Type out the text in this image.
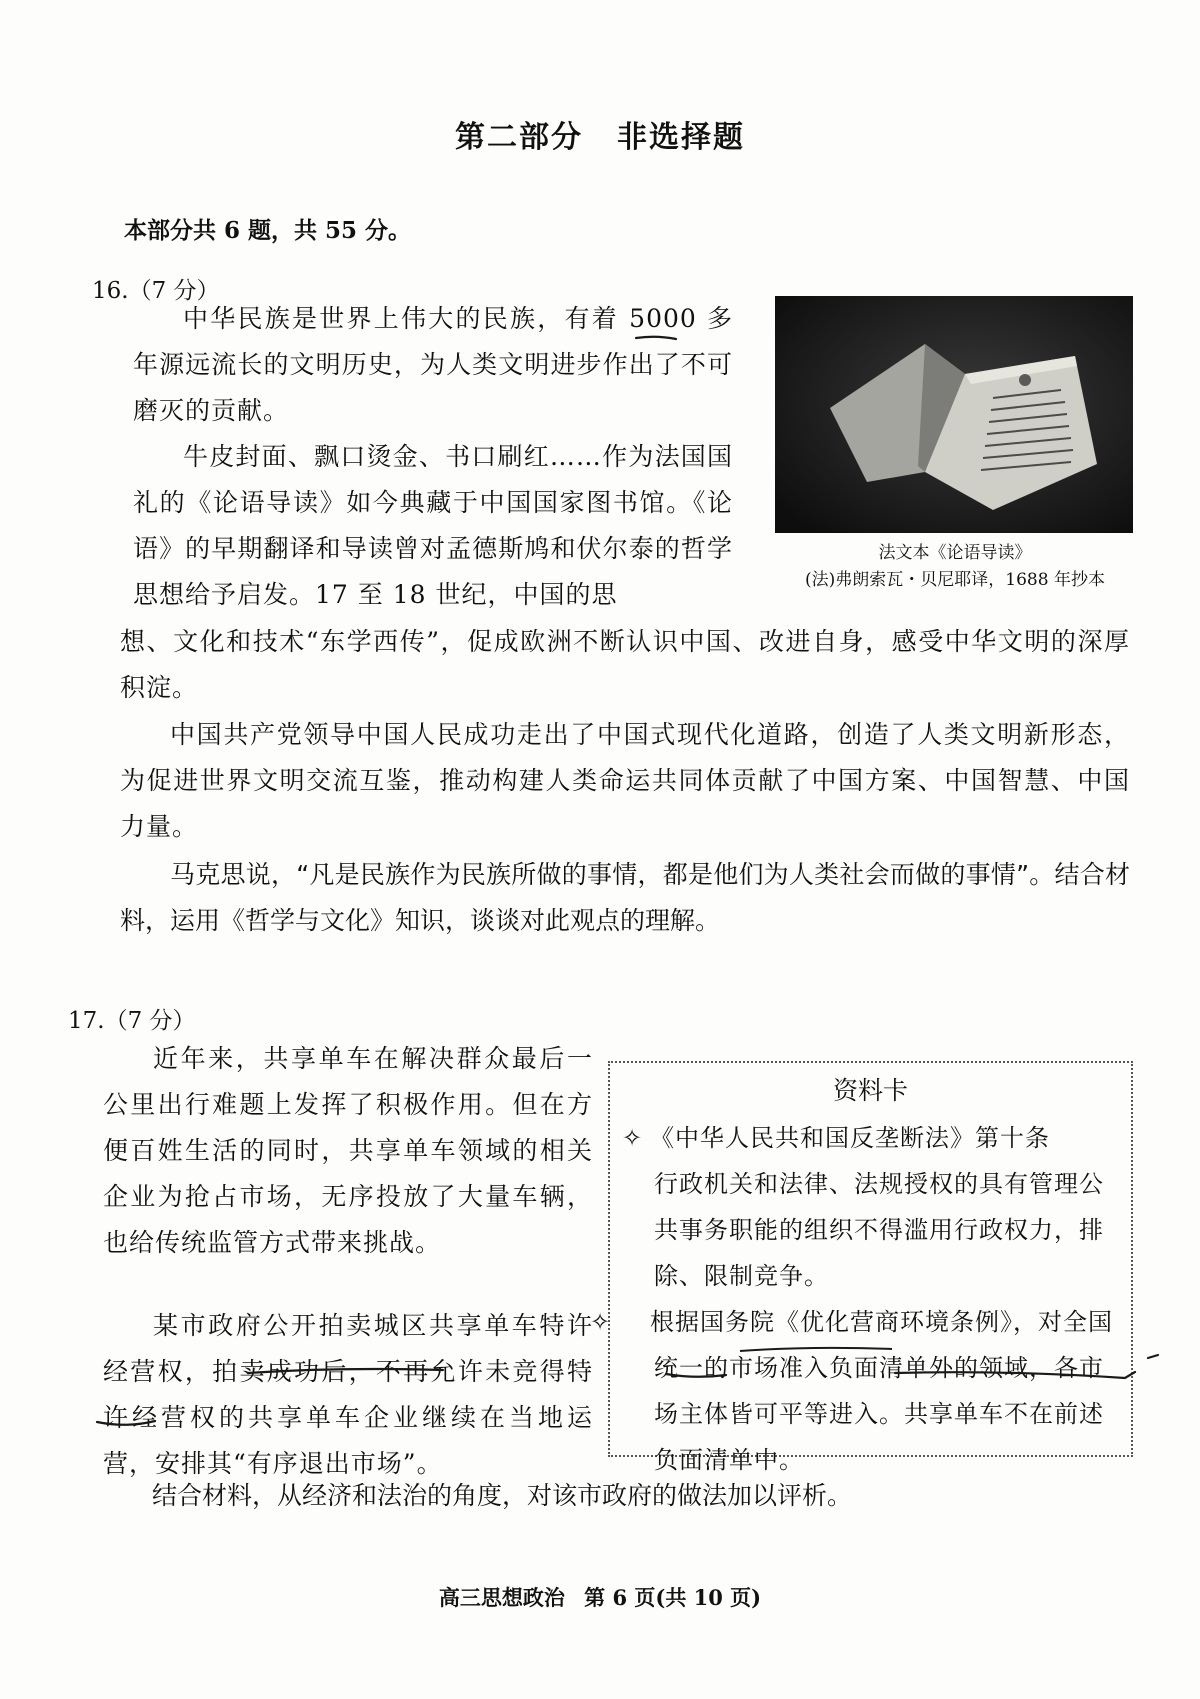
第二部分 非选择题

本部分共 6 题，共 55 分。

16.（7 分）

中华民族是世界上伟大的民族，有着 5000 多年源远流长的文明历史，为人类文明进步作出了不可磨灭的贡献。
牛皮封面、飘口烫金、书口刷红……作为法国国礼的《论语导读》如今典藏于中国国家图书馆。《论语》的早期翻译和导读曾对孟德斯鸠和伏尔泰的哲学思想给予启发。17 至 18 世纪，中国的思
想、文化和技术“东学西传”，促成欧洲不断认识中国、改进自身，感受中华文明的深厚积淀。
法文本《论语导读》
(法)弗朗索瓦・贝尼耶译，1688 年抄本
中国共产党领导中国人民成功走出了中国式现代化道路，创造了人类文明新形态，为促进世界文明交流互鉴，推动构建人类命运共同体贡献了中国方案、中国智慧、中国力量。
马克思说，“凡是民族作为民族所做的事情，都是他们为人类社会而做的事情”。结合材料，运用《哲学与文化》知识，谈谈对此观点的理解。

17.（7 分）

近年来，共享单车在解决群众最后一公里出行难题上发挥了积极作用。但在方便百姓生活的同时，共享单车领域的相关企业为抢占市场，无序投放了大量车辆，也给传统监管方式带来挑战。
某市政府公开拍卖城区共享单车特许经营权，拍卖成功后，不再允许未竞得特许经营权的共享单车企业继续在当地运营，安排其“有序退出市场”。
资料卡
✧ 《中华人民共和国反垄断法》第十条
行政机关和法律、法规授权的具有管理公共事务职能的组织不得滥用行政权力，排除、限制竞争。
✧ 根据国务院《优化营商环境条例》，对全国统一的市场准入负面清单外的领域，各市场主体皆可平等进入。共享单车不在前述负面清单中。
结合材料，从经济和法治的角度，对该市政府的做法加以评析。
高三思想政治 第 6 页(共 10 页)
